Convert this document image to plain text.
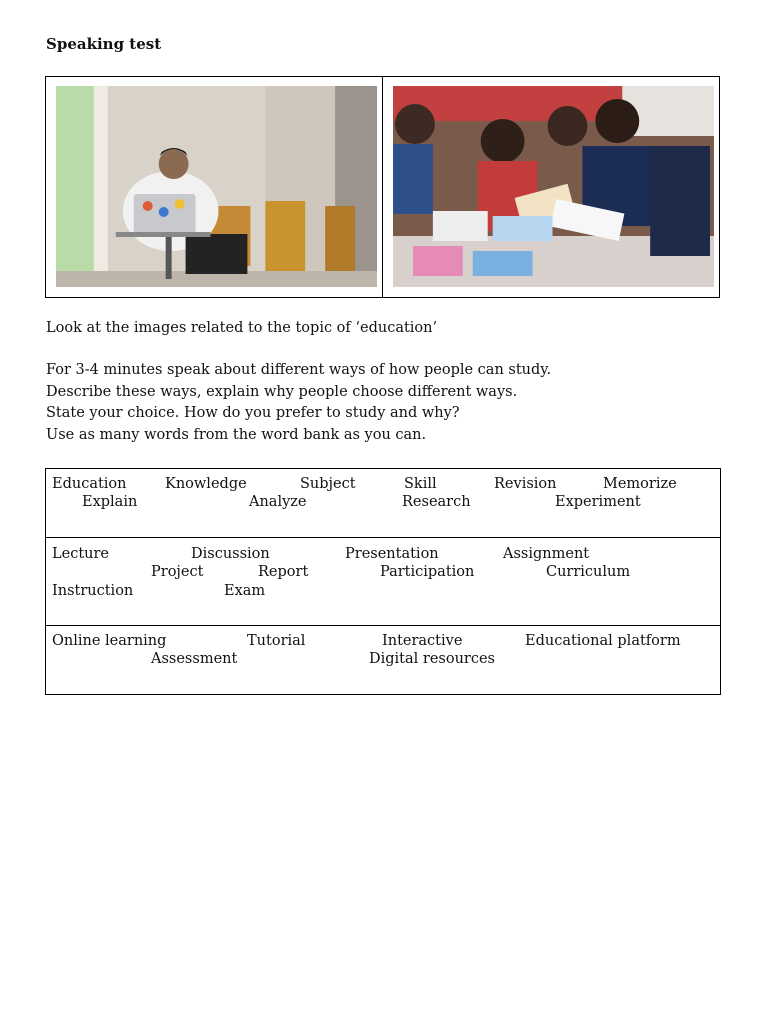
Speaking test
Look at the images related to the topic of ‘education’
For 3-4 minutes speak about different ways of how people can study.
Describe these ways, explain why people choose different ways.
State your choice. How do you prefer to study and why?
Use as many words from the word bank as you can.
Education	Knowledge	Subject	Skill	Revision	Memorize
Explain	Analyze	Research	Experiment
Lecture	Discussion	Presentation	Assignment
Project	Report	Participation	Curriculum
Instruction	Exam
Online learning	Tutorial	Interactive	Educational platform
Assessment	Digital resources
